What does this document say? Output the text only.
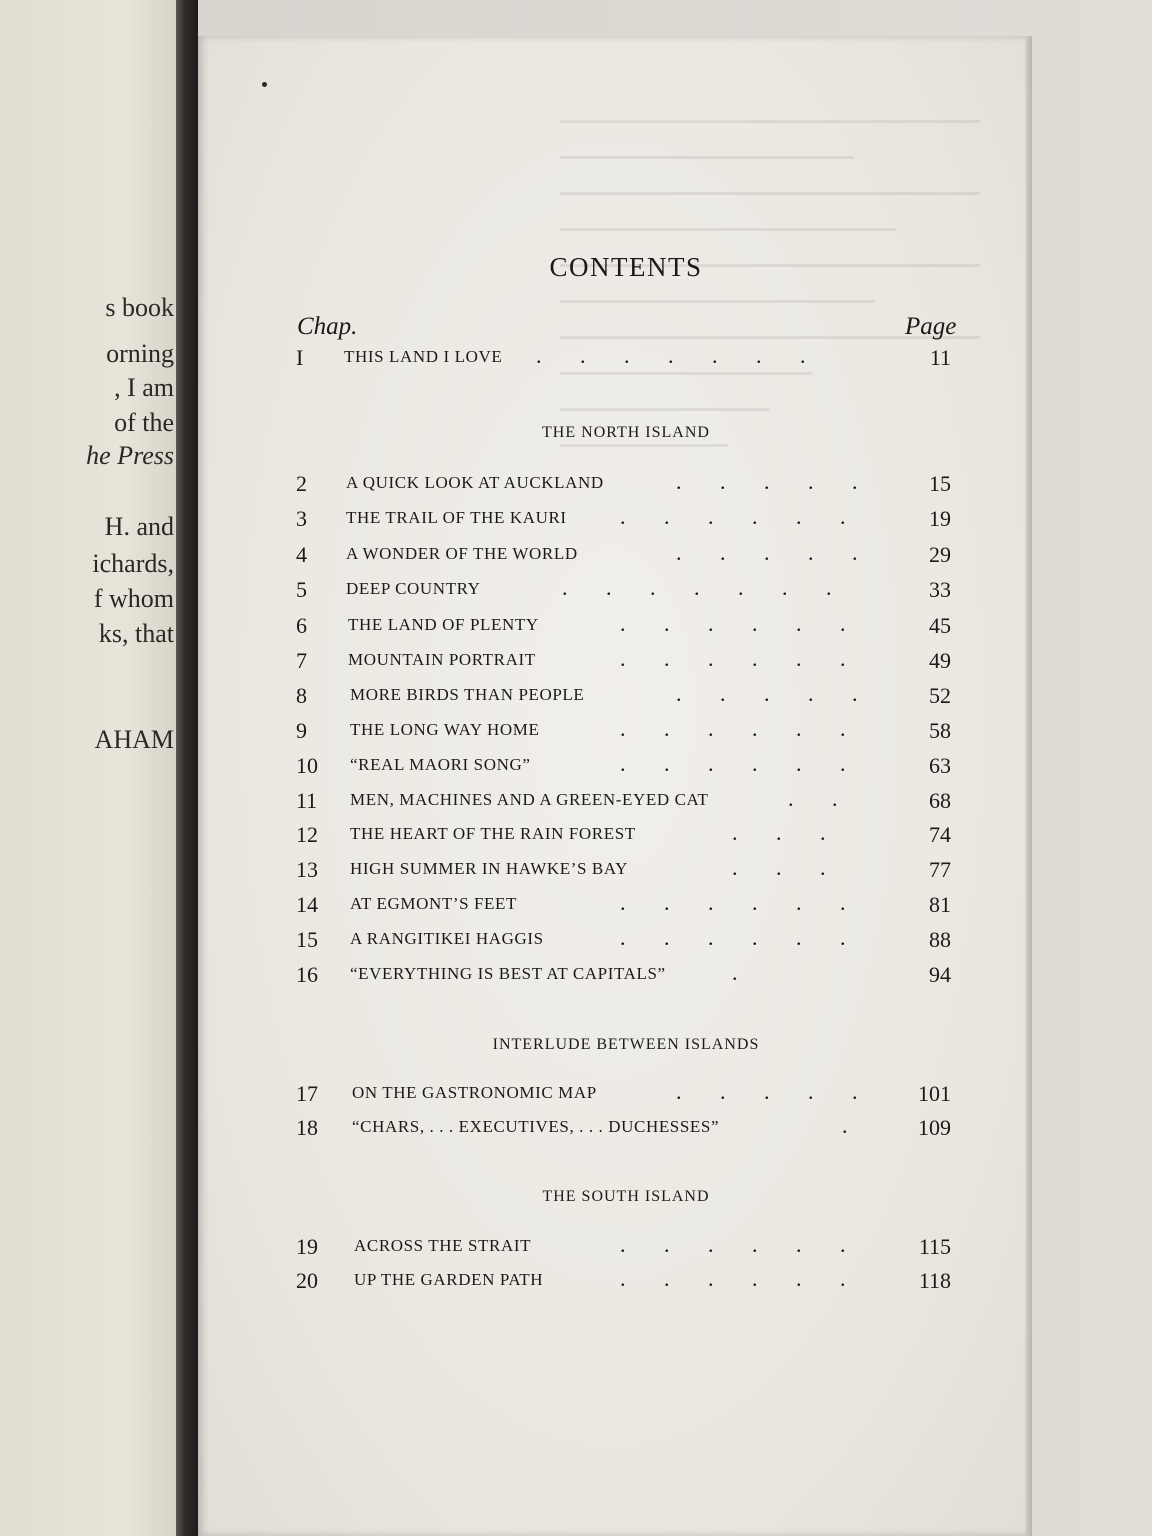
s book
orning
, I am
of the
he Press
H. and
ichards,
f whom
ks, that
AHAM
CONTENTS
Chap.	Page
I	THIS LAND I LOVE .       .       .       .       .       .       .	11
THE NORTH ISLAND
2	A QUICK LOOK AT AUCKLAND	.       .       .       .       .	15
3	THE TRAIL OF THE KAURI .       .       .       .       .       .	19
4	A WONDER OF THE WORLD	.       .       .       .       .	29
5	DEEP COUNTRY	.       .       .       .       .       .       .	33
6	THE LAND OF PLENTY	.       .       .       .       .       .	45
7	MOUNTAIN PORTRAIT	.       .       .       .       .       .	49
8	MORE BIRDS THAN PEOPLE	.       .       .       .       .	52
9	THE LONG WAY HOME	.       .       .       .       .       .	58
10	“REAL MAORI SONG”	.       .       .       .       .       .	63
11	MEN, MACHINES AND A GREEN-EYED CAT	.       .	68
12	THE HEART OF THE RAIN FOREST	.       .       .	74
13	HIGH SUMMER IN HAWKE’S BAY	.       .       .	77
14	AT EGMONT’S FEET	.       .       .       .       .       .	81
15	A RANGITIKEI HAGGIS	.       .       .       .       .       .	88
16	“EVERYTHING IS BEST AT CAPITALS”	.	94
INTERLUDE BETWEEN ISLANDS
17	ON THE GASTRONOMIC MAP	.       .       .       .       .	101
18	“CHARS, . . . EXECUTIVES, . . . DUCHESSES”	.	109
THE SOUTH ISLAND
19	ACROSS THE STRAIT	.       .       .       .       .       .	115
20	UP THE GARDEN PATH	.       .       .       .       .       .	118
